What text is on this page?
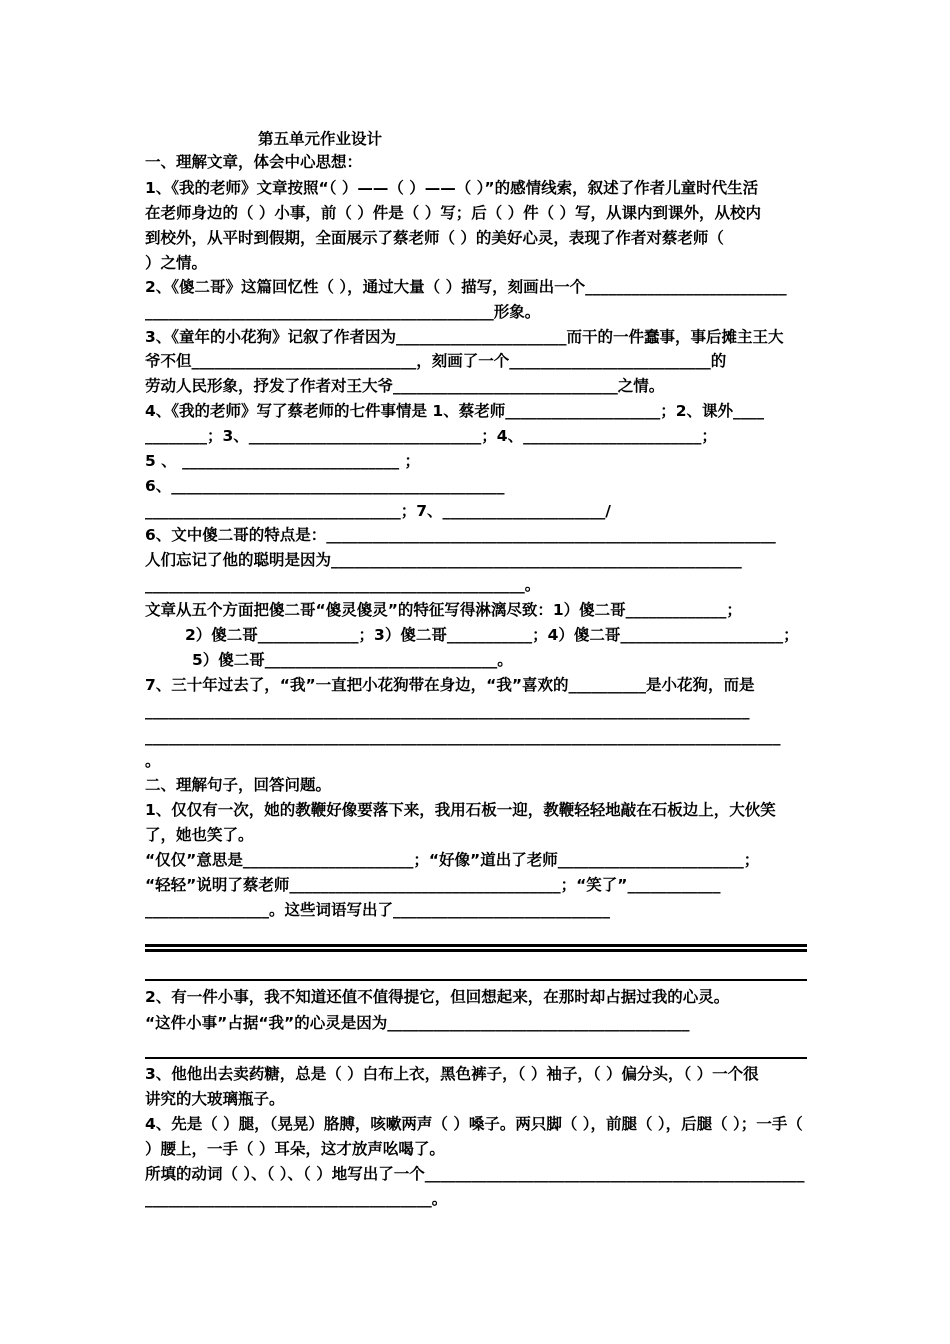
第五单元作业设计
一、理解文章，体会中心思想：
1、《我的老师》文章按照“（ ）——（ ）——（ ）”的感情线索，叙述了作者儿童时代生活
在老师身边的（ ）小事，前（ ）件是（ ）写；后（ ）件（ ）写，从课内到课外，从校内
到校外，从平时到假期，全面展示了蔡老师（ ）的美好心灵，表现了作者对蔡老师（
）之情。
2、《傻二哥》这篇回忆性（ ），通过大量（ ）描写，刻画出一个__________________________
_____________________________________________形象。
3、《童年的小花狗》记叙了作者因为______________________而干的一件蠢事，事后摊主王大
爷不但_____________________________，刻画了一个__________________________的
劳动人民形象，抒发了作者对王大爷_____________________________之情。
4、《我的老师》写了蔡老师的七件事情是 1、蔡老师____________________；2、课外____
________；3、______________________________；4、_______________________；
5 、 ____________________________ ；
6、___________________________________________
_________________________________；7、_____________________/
6、文中傻二哥的特点是：__________________________________________________________
人们忘记了他的聪明是因为_____________________________________________________
_________________________________________________。
文章从五个方面把傻二哥“傻灵傻灵”的特征写得淋漓尽致：1）傻二哥_____________；
2）傻二哥_____________；3）傻二哥___________；4）傻二哥_____________________；
5）傻二哥______________________________。
7、三十年过去了，“我”一直把小花狗带在身边，“我”喜欢的__________是小花狗，而是
______________________________________________________________________________
__________________________________________________________________________________
。
二、理解句子，回答问题。
1、仅仅有一次，她的教鞭好像要落下来，我用石板一迎，教鞭轻轻地敲在石板边上，大伙笑
了，她也笑了。
“仅仅”意思是______________________；“好像”道出了老师________________________；
“轻轻”说明了蔡老师___________________________________；“笑了”____________
________________。这些词语写出了____________________________
2、有一件小事，我不知道还值不值得提它，但回想起来，在那时却占据过我的心灵。
“这件小事”占据“我”的心灵是因为_______________________________________
3、他他出去卖药糖，总是（ ）白布上衣，黑色裤子，（ ）袖子，（ ）偏分头，（ ）一个很
讲究的大玻璃瓶子。
4、先是（ ）腿，（晃晃）胳膊，咳嗽两声（ ）嗓子。两只脚（ ），前腿（ ），后腿（ ）；一手（
）腰上，一手（ ）耳朵，这才放声吆喝了。
所填的动词（ ）、（ ）、（ ）地写出了一个_________________________________________________
_____________________________________。
